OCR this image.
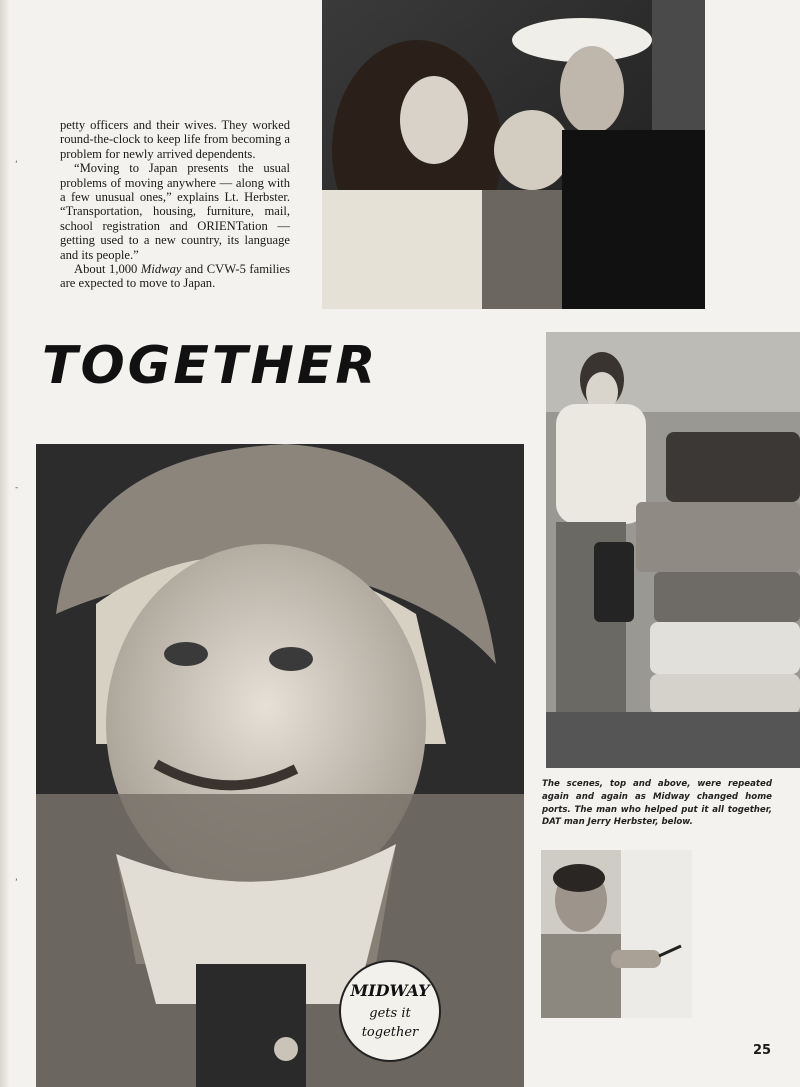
‘
-
‘

petty officers and their wives. They worked round-the-clock to keep life from becoming a problem for newly arrived dependents.

“Moving to Japan presents the usual problems of moving anywhere — along with a few unusual ones,” explains Lt. Herbster. “Transportation, housing, furniture, mail, school registration and ORIENTation — getting used to a new country, its language and its people.”

About 1,000 Midway and CVW-5 families are expected to move to Japan.

TOGETHER
MIDWAY
gets it
together

The scenes, top and above, were repeated again and again as Midway changed home ports. The man who helped put it all together, DAT man Jerry Herbster, below.

25
